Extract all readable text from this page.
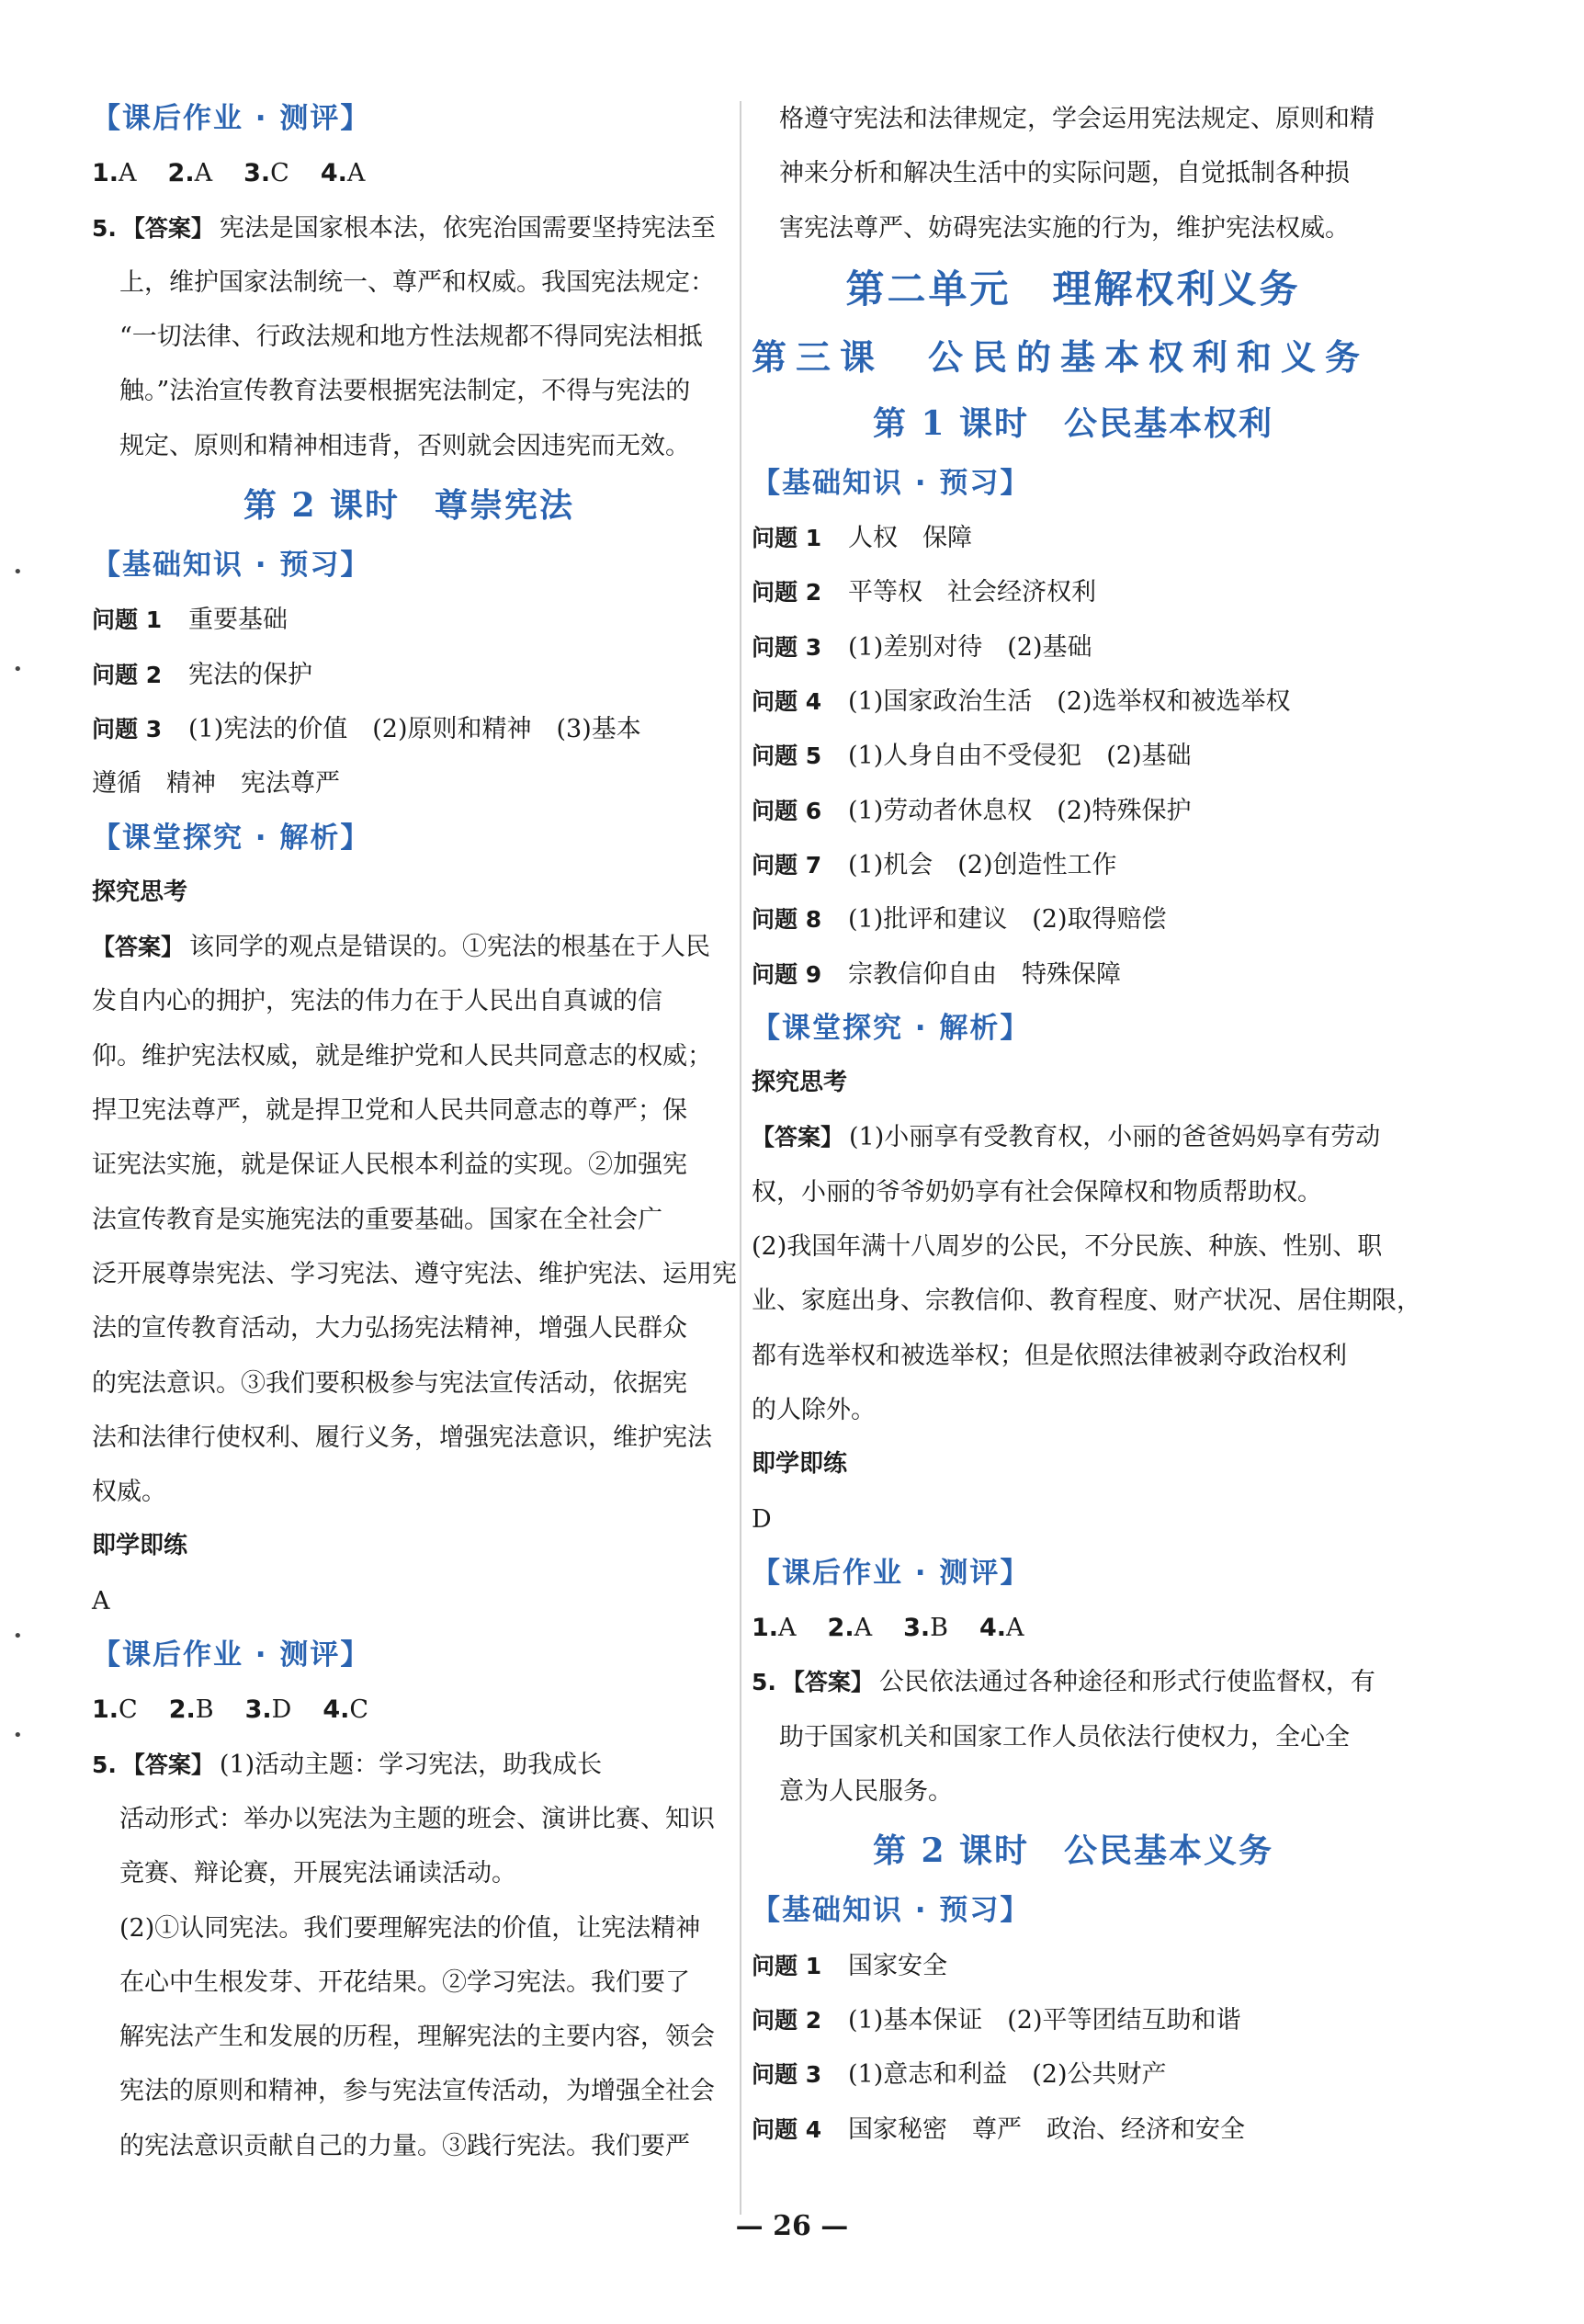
•
•
•
•
【课后作业 · 测评】
1.A 2.A 3.C 4.A
5. 【答案】 宪法是国家根本法，依宪治国需要坚持宪法至
上，维护国家法制统一、尊严和权威。我国宪法规定：
“一切法律、行政法规和地方性法规都不得同宪法相抵
触。”法治宣传教育法要根据宪法制定，不得与宪法的
规定、原则和精神相违背，否则就会因违宪而无效。
第 2 课时　尊崇宪法
【基础知识 · 预习】
问题 1 重要基础
问题 2 宪法的保护
问题 3 (1)宪法的价值　(2)原则和精神　(3)基本
遵循　精神　宪法尊严
【课堂探究 · 解析】
探究思考
【答案】 该同学的观点是错误的。①宪法的根基在于人民
发自内心的拥护，宪法的伟力在于人民出自真诚的信
仰。维护宪法权威，就是维护党和人民共同意志的权威；
捍卫宪法尊严，就是捍卫党和人民共同意志的尊严；保
证宪法实施，就是保证人民根本利益的实现。②加强宪
法宣传教育是实施宪法的重要基础。国家在全社会广
泛开展尊崇宪法、学习宪法、遵守宪法、维护宪法、运用宪
法的宣传教育活动，大力弘扬宪法精神，增强人民群众
的宪法意识。③我们要积极参与宪法宣传活动，依据宪
法和法律行使权利、履行义务，增强宪法意识，维护宪法
权威。
即学即练
A
【课后作业 · 测评】
1.C 2.B 3.D 4.C
5. 【答案】 (1)活动主题：学习宪法，助我成长
活动形式：举办以宪法为主题的班会、演讲比赛、知识
竞赛、辩论赛，开展宪法诵读活动。
(2)①认同宪法。我们要理解宪法的价值，让宪法精神
在心中生根发芽、开花结果。②学习宪法。我们要了
解宪法产生和发展的历程，理解宪法的主要内容，领会
宪法的原则和精神，参与宪法宣传活动，为增强全社会
的宪法意识贡献自己的力量。③践行宪法。我们要严
格遵守宪法和法律规定，学会运用宪法规定、原则和精
神来分析和解决生活中的实际问题，自觉抵制各种损
害宪法尊严、妨碍宪法实施的行为，维护宪法权威。
第二单元　理解权利义务
第三课　公民的基本权利和义务
第 1 课时　公民基本权利
【基础知识 · 预习】
问题 1 人权　保障
问题 2 平等权　社会经济权利
问题 3 (1)差别对待　(2)基础
问题 4 (1)国家政治生活　(2)选举权和被选举权
问题 5 (1)人身自由不受侵犯　(2)基础
问题 6 (1)劳动者休息权　(2)特殊保护
问题 7 (1)机会　(2)创造性工作
问题 8 (1)批评和建议　(2)取得赔偿
问题 9 宗教信仰自由　特殊保障
【课堂探究 · 解析】
探究思考
【答案】 (1)小丽享有受教育权，小丽的爸爸妈妈享有劳动
权，小丽的爷爷奶奶享有社会保障权和物质帮助权。
(2)我国年满十八周岁的公民，不分民族、种族、性别、职
业、家庭出身、宗教信仰、教育程度、财产状况、居住期限，
都有选举权和被选举权；但是依照法律被剥夺政治权利
的人除外。
即学即练
D
【课后作业 · 测评】
1.A 2.A 3.B 4.A
5. 【答案】 公民依法通过各种途径和形式行使监督权，有
助于国家机关和国家工作人员依法行使权力，全心全
意为人民服务。
第 2 课时　公民基本义务
【基础知识 · 预习】
问题 1 国家安全
问题 2 (1)基本保证　(2)平等团结互助和谐
问题 3 (1)意志和利益　(2)公共财产
问题 4 国家秘密　尊严　政治、经济和安全
— 26 —
